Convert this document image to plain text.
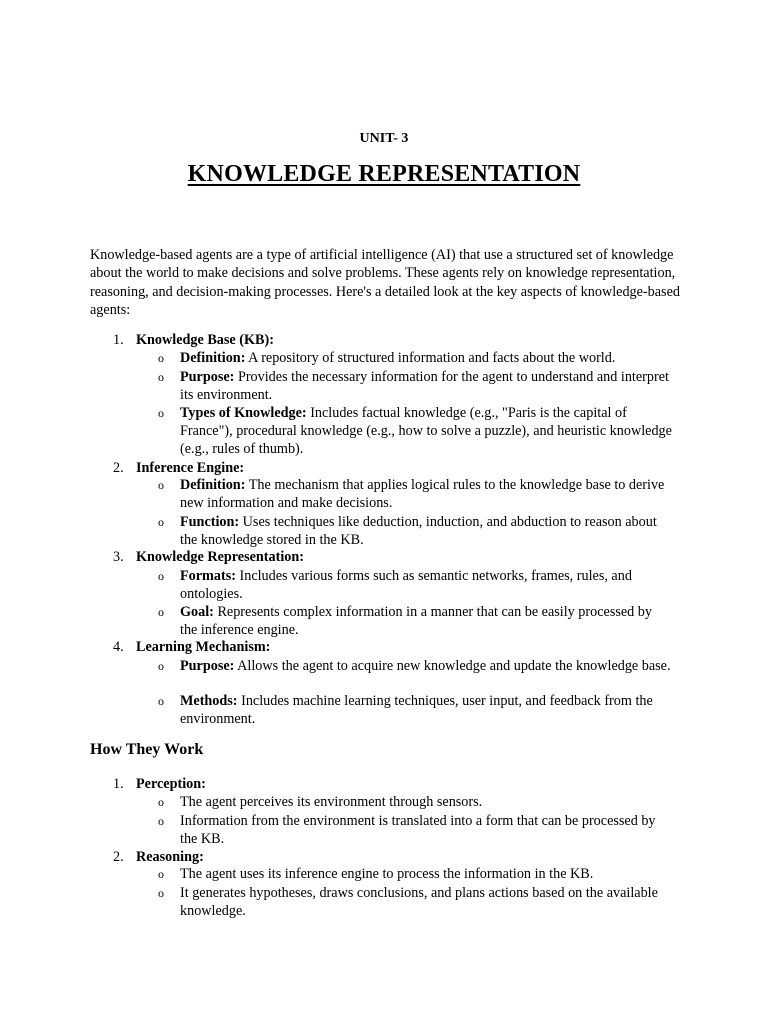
UNIT- 3
KNOWLEDGE REPRESENTATION

Knowledge-based agents are a type of artificial intelligence (AI) that use a structured set of knowledge about the world to make decisions and solve problems. These agents rely on knowledge representation, reasoning, and decision-making processes. Here's a detailed look at the key aspects of knowledge-based agents:

1. Knowledge Base (KB):
o Definition: A repository of structured information and facts about the world.
o Purpose: Provides the necessary information for the agent to understand and interpret its environment.
o Types of Knowledge: Includes factual knowledge (e.g., "Paris is the capital of France"), procedural knowledge (e.g., how to solve a puzzle), and heuristic knowledge (e.g., rules of thumb).
2. Inference Engine:
o Definition: The mechanism that applies logical rules to the knowledge base to derive new information and make decisions.
o Function: Uses techniques like deduction, induction, and abduction to reason about the knowledge stored in the KB.
3. Knowledge Representation:
o Formats: Includes various forms such as semantic networks, frames, rules, and ontologies.
o Goal: Represents complex information in a manner that can be easily processed by the inference engine.
4. Learning Mechanism:
o Purpose: Allows the agent to acquire new knowledge and update the knowledge base.
o Methods: Includes machine learning techniques, user input, and feedback from the environment.
How They Work
1. Perception:
o The agent perceives its environment through sensors.
o Information from the environment is translated into a form that can be processed by the KB.
2. Reasoning:
o The agent uses its inference engine to process the information in the KB.
o It generates hypotheses, draws conclusions, and plans actions based on the available knowledge.
